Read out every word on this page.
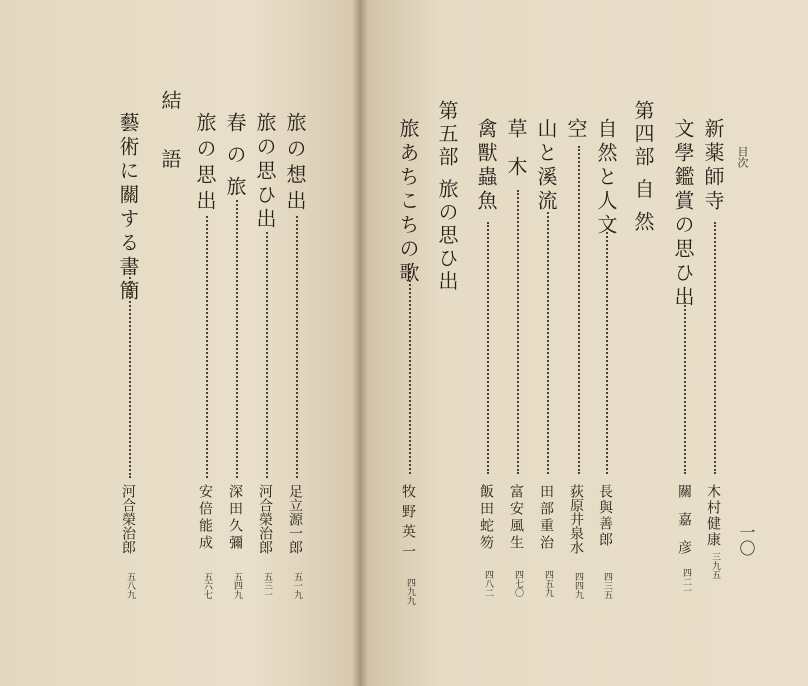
目次
一〇
新薬師寺
木村健康
三九五
文學鑑賞の思ひ出
關嘉彦
四二一
第四部 自 然
自然と人文
長與善郎
四三五
空
荻原井泉水
四四九
山と溪流
田部重治
四五九
草木
富安風生
四七〇
禽獸蟲魚
飯田蛇笏
四八二
第五部 旅の思ひ出
旅あちこちの歌
牧野英一
四九九
旅の想出
足立源一郎
五一九
旅の思ひ出
河合榮治郎
五三一
春の旅
深田久彌
五四九
旅の思出
安倍能成
五六七
結 語
藝術に關する書簡
河合榮治郎
五八九
